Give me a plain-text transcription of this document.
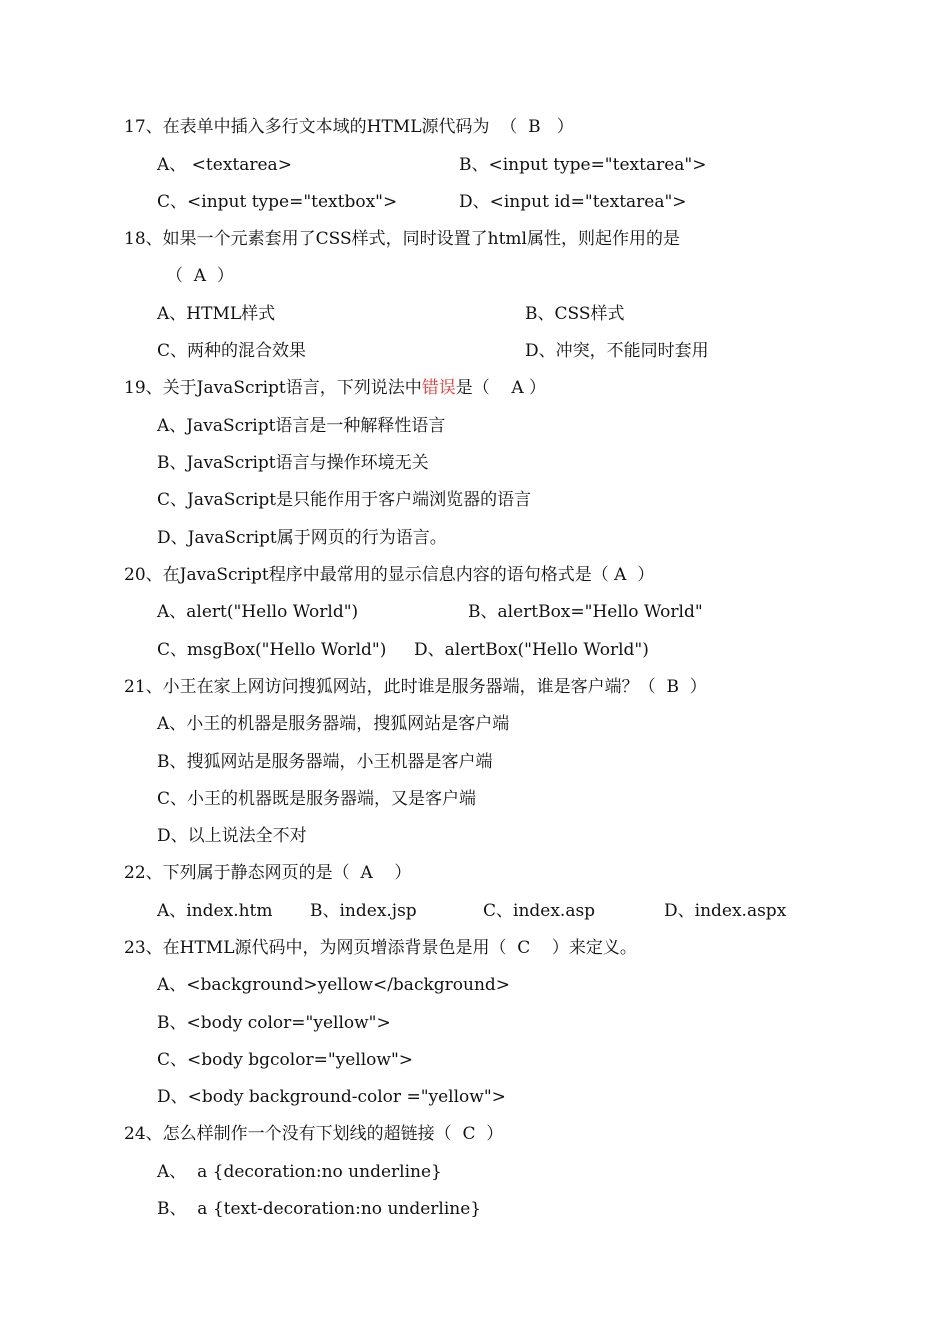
17、在表单中插入多行文本域的HTML源代码为  （  B   ）
A、 <textarea>	B、<input type="textarea">
C、<input type="textbox">	D、<input id="textarea">
18、如果一个元素套用了CSS样式，同时设置了html属性，则起作用的是
（  A  ）
A、HTML样式	B、CSS样式
C、两种的混合效果	D、冲突，不能同时套用
19、关于JavaScript语言，下列说法中错误是（    A ）
A、JavaScript语言是一种解释性语言
B、JavaScript语言与操作环境无关
C、JavaScript是只能作用于客户端浏览器的语言
D、JavaScript属于网页的行为语言。
20、在JavaScript程序中最常用的显示信息内容的语句格式是（ A  ）
A、alert("Hello World")	B、alertBox="Hello World"
C、msgBox("Hello World") D、alertBox("Hello World")
21、小王在家上网访问搜狐网站，此时谁是服务器端，谁是客户端？（  B  ）
A、小王的机器是服务器端，搜狐网站是客户端
B、搜狐网站是服务器端，小王机器是客户端
C、小王的机器既是服务器端，又是客户端
D、以上说法全不对
22、下列属于静态网页的是（  A    ）
A、index.htm B、index.jsp	C、index.asp	D、index.aspx
23、在HTML源代码中，为网页增添背景色是用（  C    ）来定义。
A、<background>yellow</background>
B、<body color="yellow">
C、<body bgcolor="yellow">
D、<body background-color ="yellow">
24、怎么样制作一个没有下划线的超链接（  C  ）
A、  a {decoration:no underline}
B、  a {text-decoration:no underline}
